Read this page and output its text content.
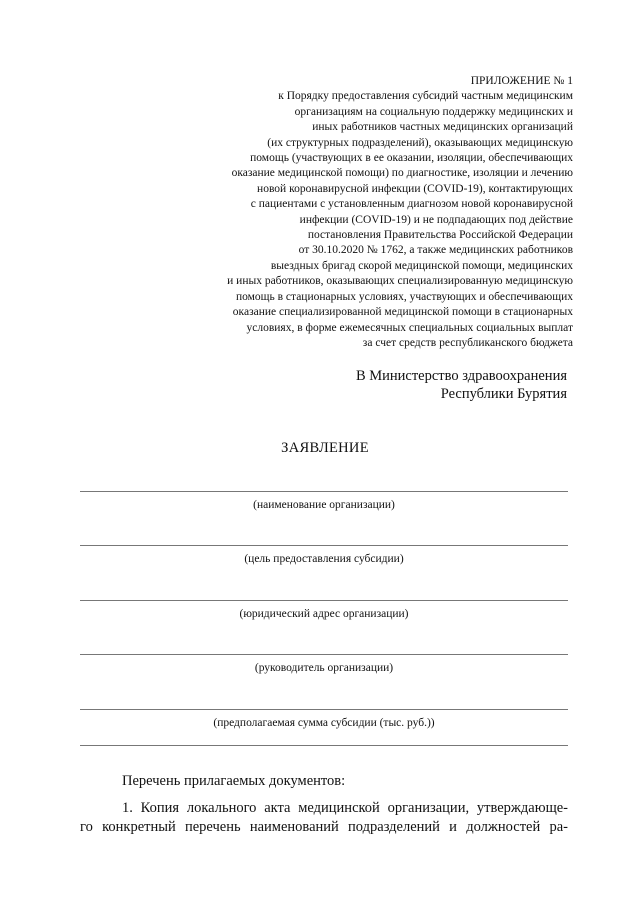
ПРИЛОЖЕНИЕ № 1
к Порядку предоставления субсидий частным медицинским
организациям на социальную поддержку медицинских и
иных работников частных медицинских организаций
(их структурных подразделений), оказывающих медицинскую
помощь (участвующих в ее оказании, изоляции, обеспечивающих
оказание медицинской помощи) по диагностике, изоляции и лечению
новой коронавирусной инфекции (COVID-19), контактирующих
с пациентами с установленным диагнозом новой коронавирусной
инфекции (COVID-19) и не подпадающих под действие
постановления Правительства Российской Федерации
от 30.10.2020 № 1762, а также медицинских работников
выездных бригад скорой медицинской помощи, медицинских
и иных работников, оказывающих специализированную медицинскую
помощь в стационарных условиях, участвующих и обеспечивающих
оказание специализированной медицинской помощи в стационарных
условиях, в форме ежемесячных специальных социальных выплат
за счет средств республиканского бюджета
В Министерство здравоохранения
Республики Бурятия
ЗАЯВЛЕНИЕ
(наименование организации)
(цель предоставления субсидии)
(юридический адрес организации)
(руководитель организации)
(предполагаемая сумма субсидии (тыс. руб.))
Перечень прилагаемых документов:
1. Копия локального акта медицинской организации, утверждающе-
го конкретный перечень наименований подразделений и должностей ра-
